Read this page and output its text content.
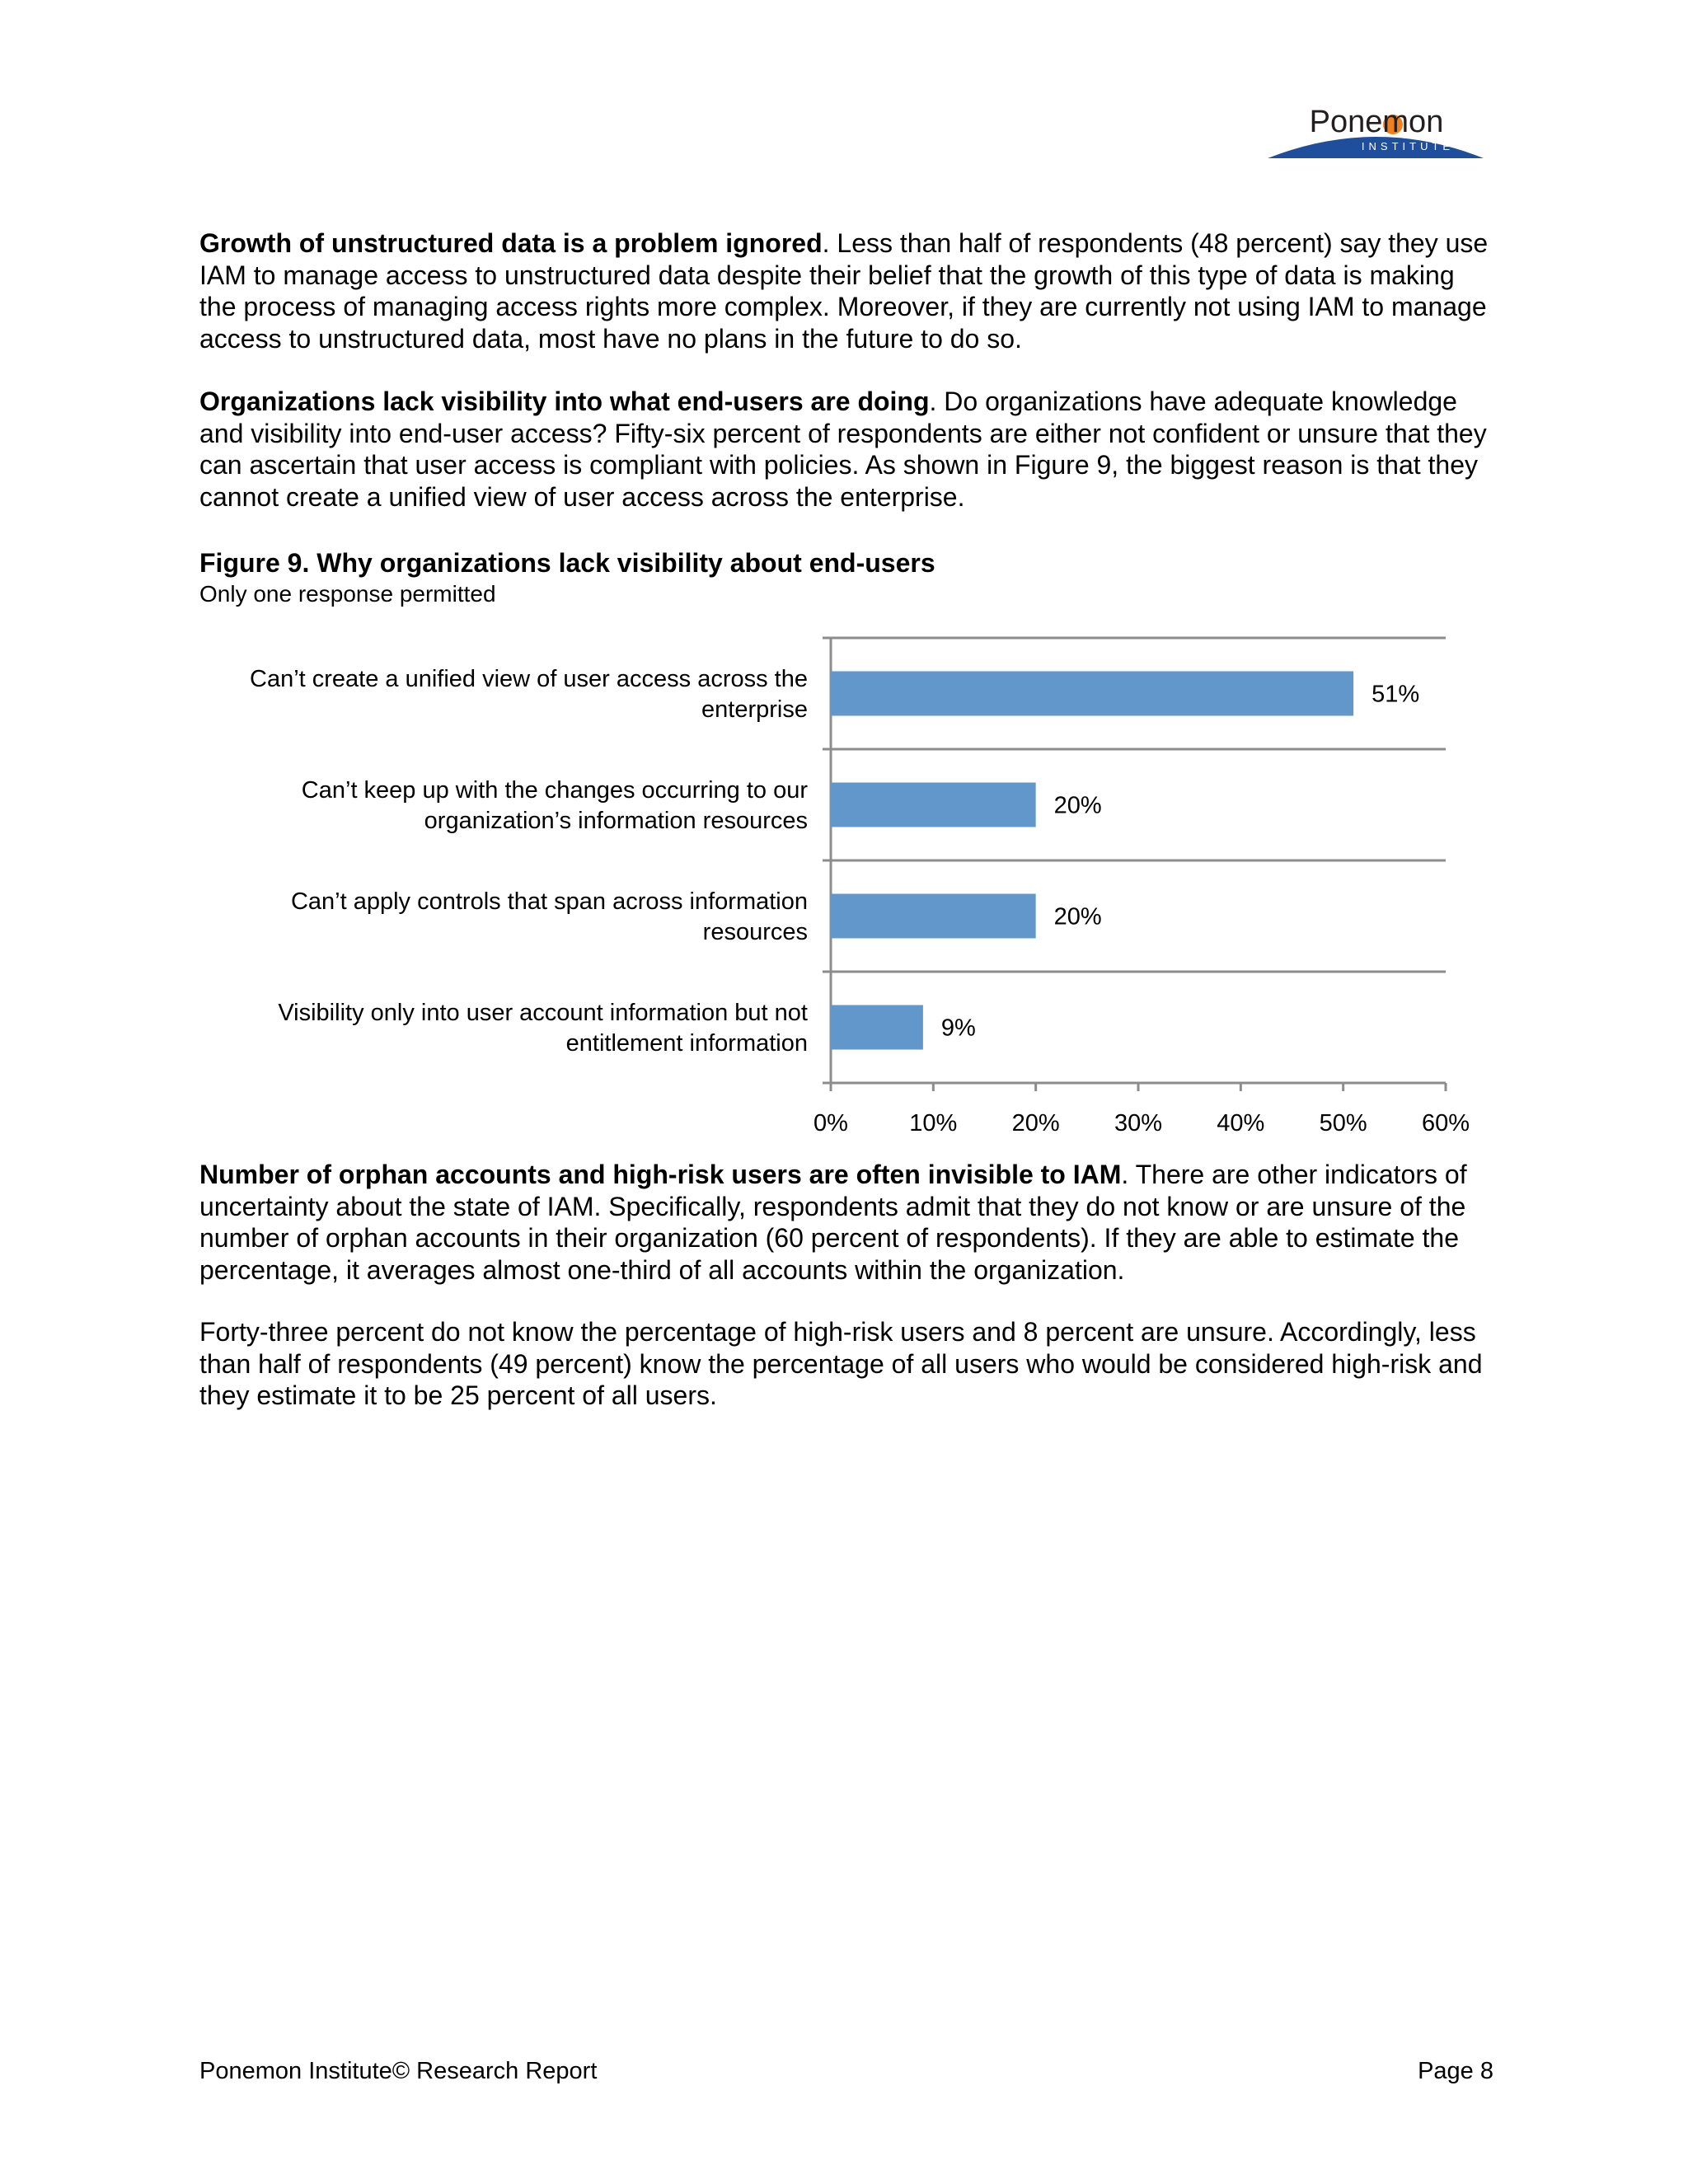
Ponemon
INSTITUTE

Growth of unstructured data is a problem ignored. Less than half of respondents (48 percent) say they use IAM to manage access to unstructured data despite their belief that the growth of this type of data is making the process of managing access rights more complex. Moreover, if they are currently not using IAM to manage access to unstructured data, most have no plans in the future to do so.

Organizations lack visibility into what end-users are doing. Do organizations have adequate knowledge and visibility into end-user access? Fifty-six percent of respondents are either not confident or unsure that they can ascertain that user access is compliant with policies. As shown in Figure 9, the biggest reason is that they cannot create a unified view of user access across the enterprise.

Figure 9. Why organizations lack visibility about end-users
Only one response permitted
0%	10% 20% 30% 40% 50% 60%
51%
Can’t create a unified view of user access across the enterprise
20%
Can’t keep up with the changes occurring to our organization’s information resources
20%
Can’t apply controls that span across information resources
9%
Visibility only into user account information but not entitlement information

Number of orphan accounts and high-risk users are often invisible to IAM. There are other indicators of uncertainty about the state of IAM. Specifically, respondents admit that they do not know or are unsure of the number of orphan accounts in their organization (60 percent of respondents). If they are able to estimate the percentage, it averages almost one-third of all accounts within the organization.

Forty-three percent do not know the percentage of high-risk users and 8 percent are unsure. Accordingly, less than half of respondents (49 percent) know the percentage of all users who would be considered high-risk and they estimate it to be 25 percent of all users.

Ponemon Institute© Research Report	Page 8
